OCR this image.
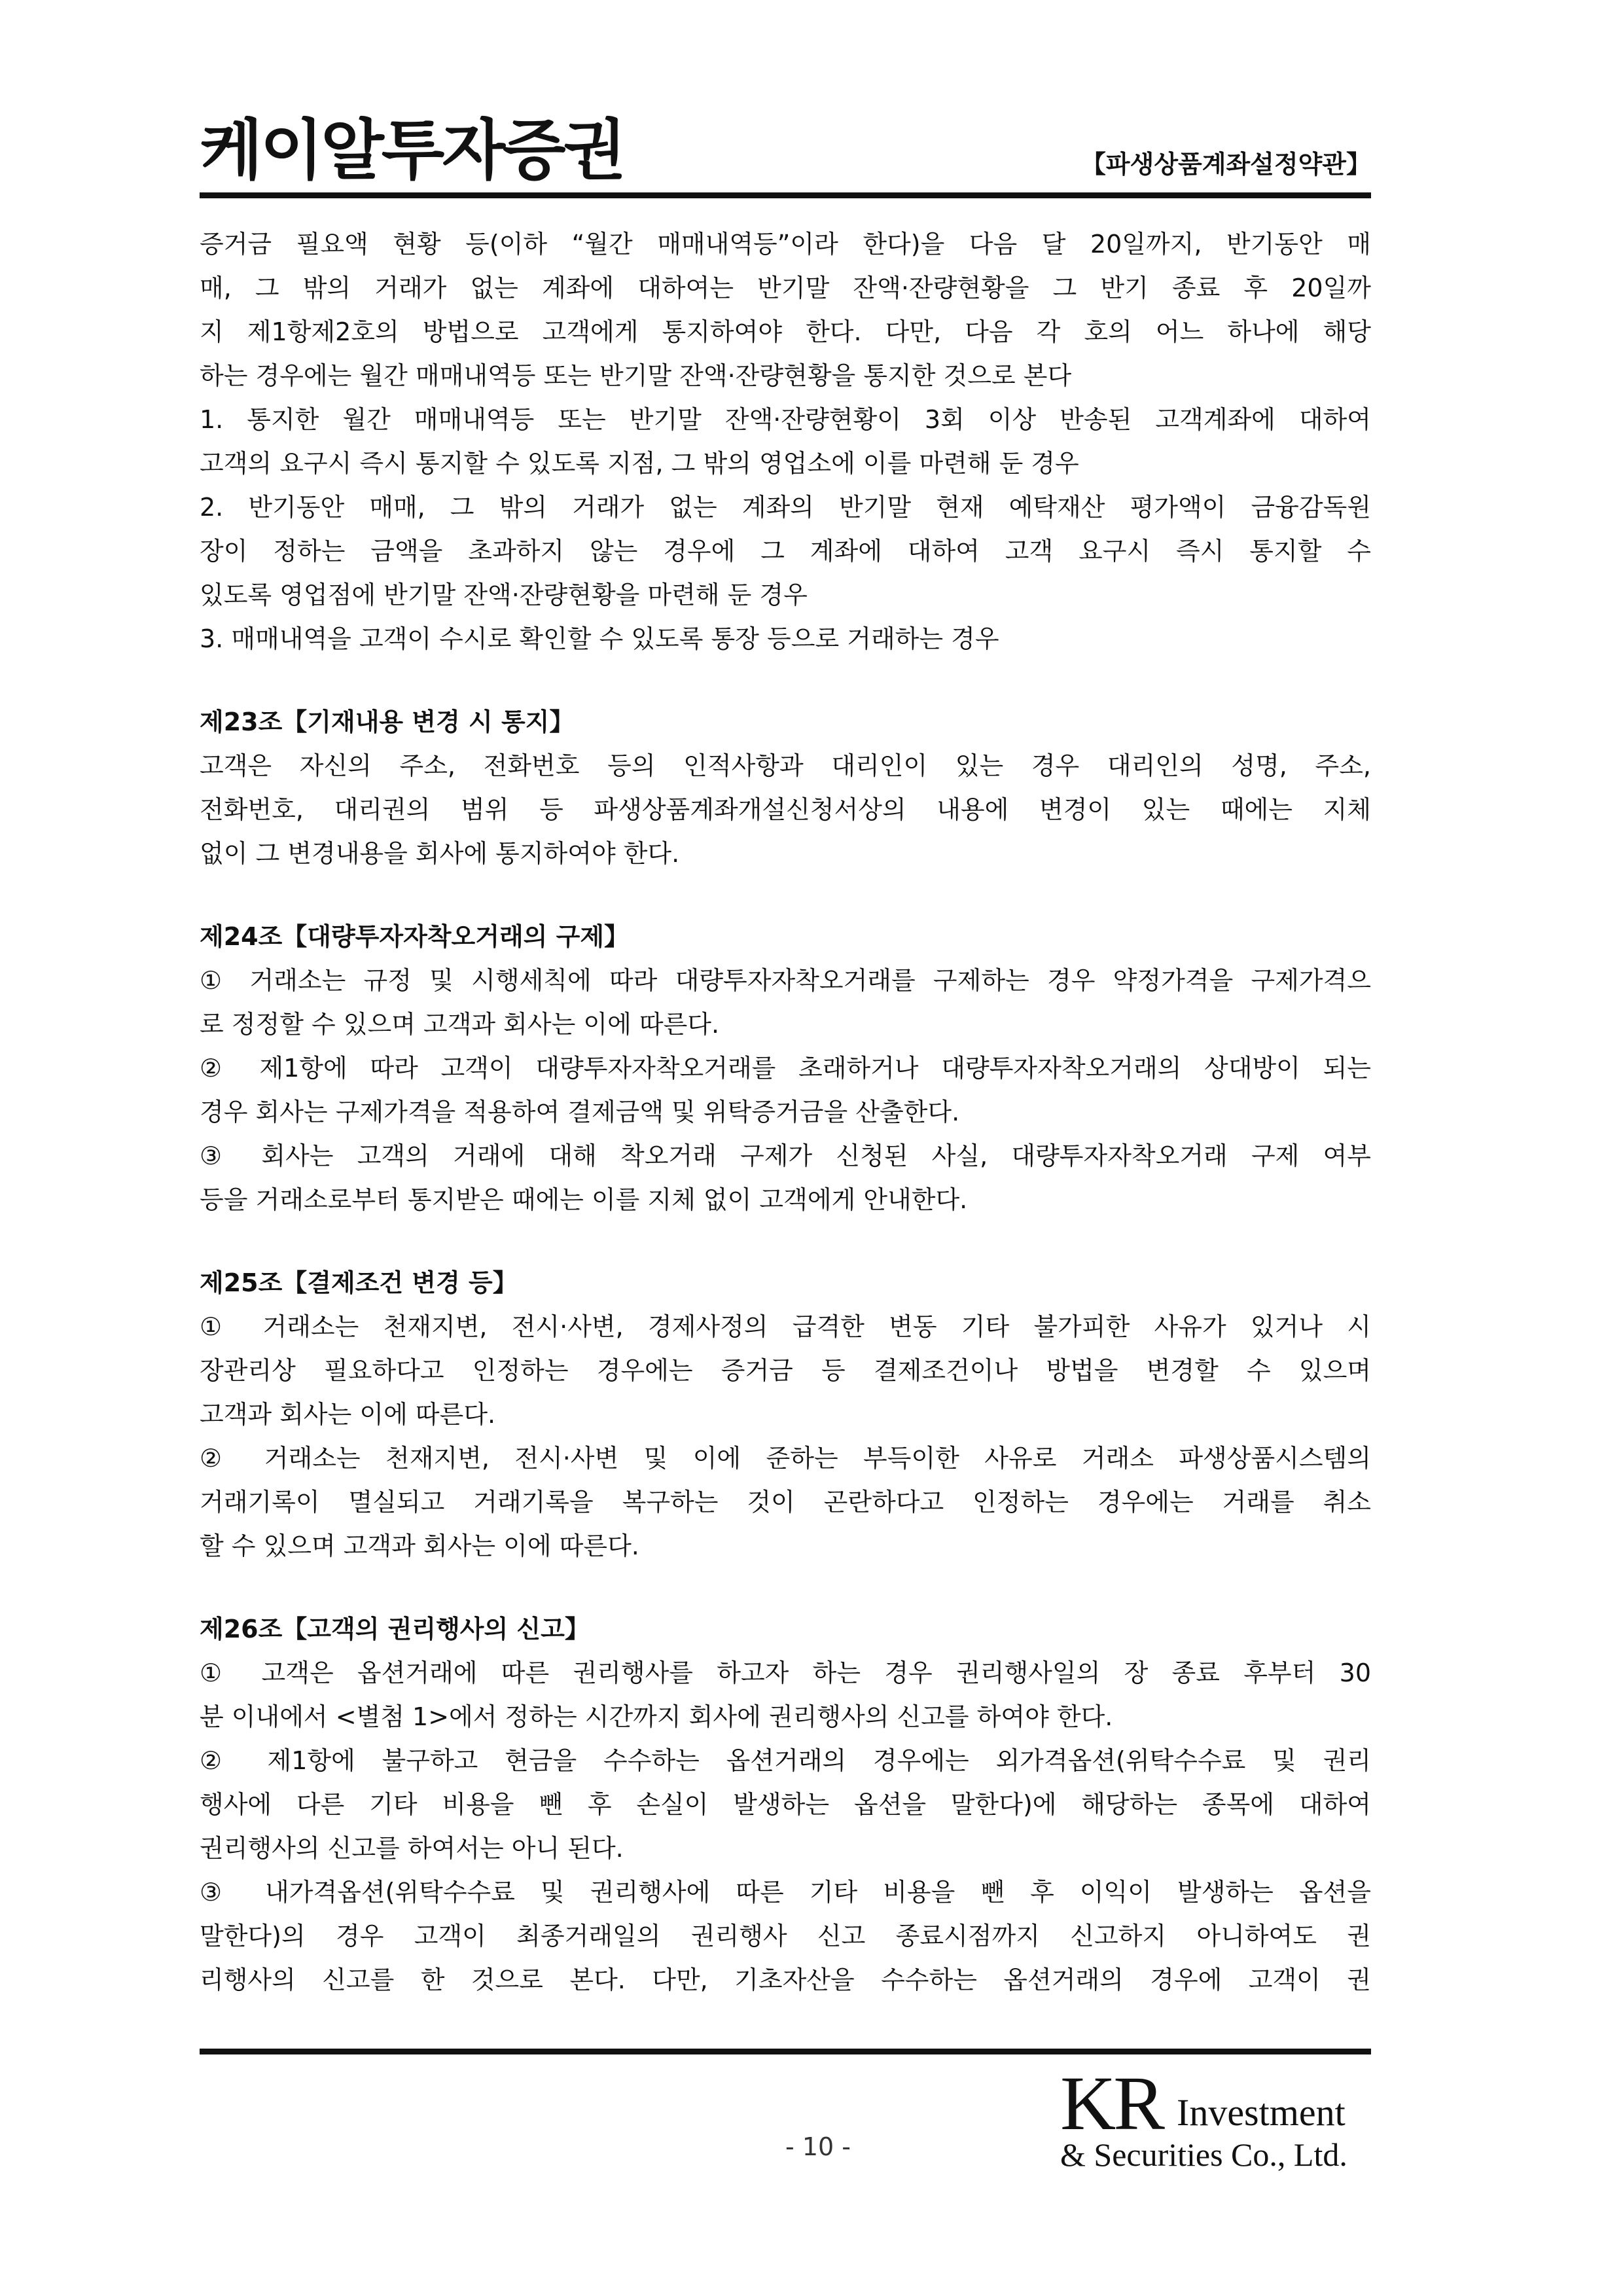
케이알투자증권	【파생상품계좌설정약관】
증거금 필요액 현황 등(이하 “월간 매매내역등”이라 한다)을 다음 달 20일까지, 반기동안 매
매, 그 밖의 거래가 없는 계좌에 대하여는 반기말 잔액·잔량현황을 그 반기 종료 후 20일까
지 제1항제2호의 방법으로 고객에게 통지하여야 한다. 다만, 다음 각 호의 어느 하나에 해당
하는 경우에는 월간 매매내역등 또는 반기말 잔액·잔량현황을 통지한 것으로 본다
1. 통지한 월간 매매내역등 또는 반기말 잔액·잔량현황이 3회 이상 반송된 고객계좌에 대하여
고객의 요구시 즉시 통지할 수 있도록 지점, 그 밖의 영업소에 이를 마련해 둔 경우
2. 반기동안 매매, 그 밖의 거래가 없는 계좌의 반기말 현재 예탁재산 평가액이 금융감독원
장이 정하는 금액을 초과하지 않는 경우에 그 계좌에 대하여 고객 요구시 즉시 통지할 수
있도록 영업점에 반기말 잔액·잔량현황을 마련해 둔 경우
3. 매매내역을 고객이 수시로 확인할 수 있도록 통장 등으로 거래하는 경우
제23조【기재내용 변경 시 통지】
고객은 자신의 주소, 전화번호 등의 인적사항과 대리인이 있는 경우 대리인의 성명, 주소,
전화번호, 대리권의 범위 등 파생상품계좌개설신청서상의 내용에 변경이 있는 때에는 지체
없이 그 변경내용을 회사에 통지하여야 한다.
제24조【대량투자자착오거래의 구제】
① 거래소는 규정 및 시행세칙에 따라 대량투자자착오거래를 구제하는 경우 약정가격을 구제가격으
로 정정할 수 있으며 고객과 회사는 이에 따른다.
② 제1항에 따라 고객이 대량투자자착오거래를 초래하거나 대량투자자착오거래의 상대방이 되는
경우 회사는 구제가격을 적용하여 결제금액 및 위탁증거금을 산출한다.
③ 회사는 고객의 거래에 대해 착오거래 구제가 신청된 사실, 대량투자자착오거래 구제 여부
등을 거래소로부터 통지받은 때에는 이를 지체 없이 고객에게 안내한다.
제25조【결제조건 변경 등】
① 거래소는 천재지변, 전시·사변, 경제사정의 급격한 변동 기타 불가피한 사유가 있거나 시
장관리상 필요하다고 인정하는 경우에는 증거금 등 결제조건이나 방법을 변경할 수 있으며
고객과 회사는 이에 따른다.
② 거래소는 천재지변, 전시·사변 및 이에 준하는 부득이한 사유로 거래소 파생상품시스템의
거래기록이 멸실되고 거래기록을 복구하는 것이 곤란하다고 인정하는 경우에는 거래를 취소
할 수 있으며 고객과 회사는 이에 따른다.
제26조【고객의 권리행사의 신고】
① 고객은 옵션거래에 따른 권리행사를 하고자 하는 경우 권리행사일의 장 종료 후부터 30
분 이내에서 <별첨 1>에서 정하는 시간까지 회사에 권리행사의 신고를 하여야 한다.
② 제1항에 불구하고 현금을 수수하는 옵션거래의 경우에는 외가격옵션(위탁수수료 및 권리
행사에 다른 기타 비용을 뺀 후 손실이 발생하는 옵션을 말한다)에 해당하는 종목에 대하여
권리행사의 신고를 하여서는 아니 된다.
③ 내가격옵션(위탁수수료 및 권리행사에 따른 기타 비용을 뺀 후 이익이 발생하는 옵션을
말한다)의 경우 고객이 최종거래일의 권리행사 신고 종료시점까지 신고하지 아니하여도 권
리행사의 신고를 한 것으로 본다. 다만, 기초자산을 수수하는 옵션거래의 경우에 고객이 권
- 10 -
KR Investment
& Securities Co., Ltd.
